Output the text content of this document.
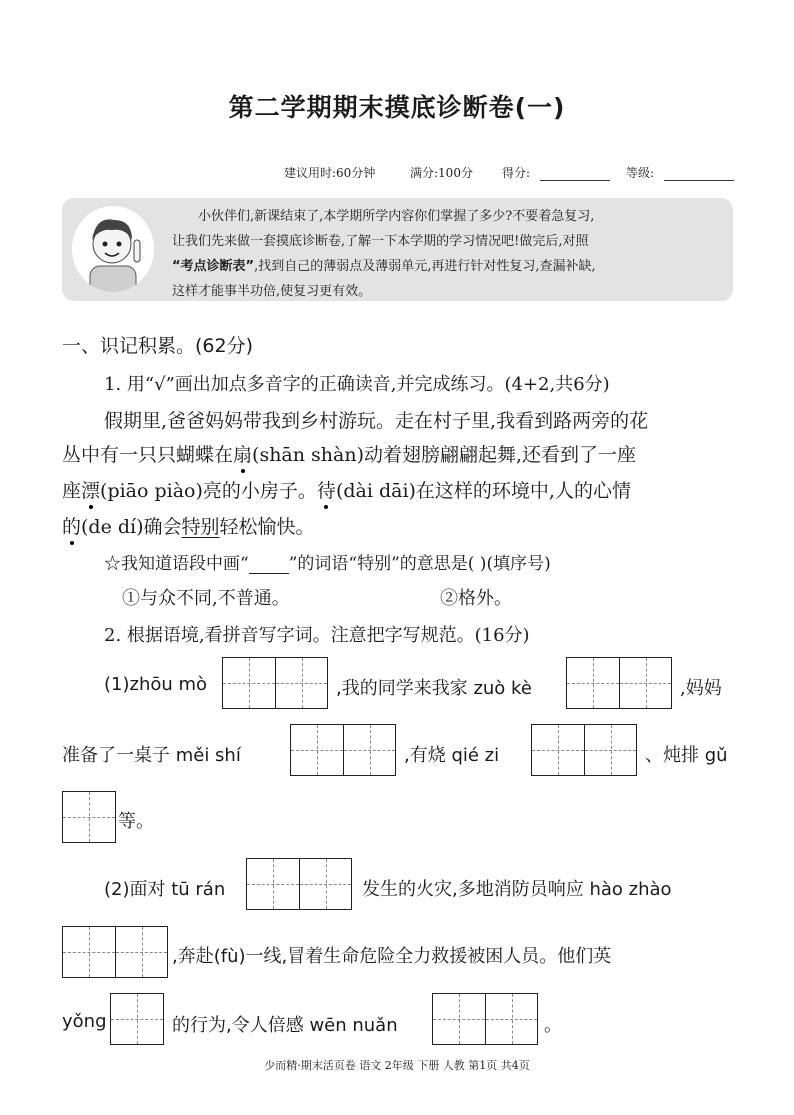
第二学期期末摸底诊断卷(一)
建议用时:60分钟	满分:100分 得分:	等级:

小伙伴们,新课结束了,本学期所学内容你们掌握了多少?不要着急复习,

让我们先来做一套摸底诊断卷,了解一下本学期的学习情况吧!做完后,对照

“考点诊断表”,找到自己的薄弱点及薄弱单元,再进行针对性复习,查漏补缺,

这样才能事半功倍,使复习更有效。

一、识记积累。(62分)
1. 用“√”画出加点多音字的正确读音,并完成练习。(4+2,共6分)
假期里,爸爸妈妈带我到乡村游玩。走在村子里,我看到路两旁的花
丛中有一只只蝴蝶在扇(shān shàn)动着翅膀翩翩起舞,还看到了一座
座漂(piāo piào)亮的小房子。待(dài dāi)在这样的环境中,人的心情
的(de dí)确会特别轻松愉快。
☆我知道语段中画“ ”的词语“特别”的意思是( )(填序号)
①与众不同,不普通。	②格外。
2. 根据语境,看拼音写字词。注意把字写规范。(16分)
(1)zhōu mò	,我的同学来我家 zuò kè	,妈妈
准备了一桌子 měi shí	,有烧 qié zi	、炖排 gǔ
等。
(2)面对 tū rán	发生的火灾,多地消防员响应 hào zhào
,奔赴(fù)一线,冒着生命危险全力救援被困人员。他们英
yǒng	的行为,令人倍感 wēn nuǎn	。
少而精·期末活页卷 语文 2年级 下册 人教 第1页 共4页
